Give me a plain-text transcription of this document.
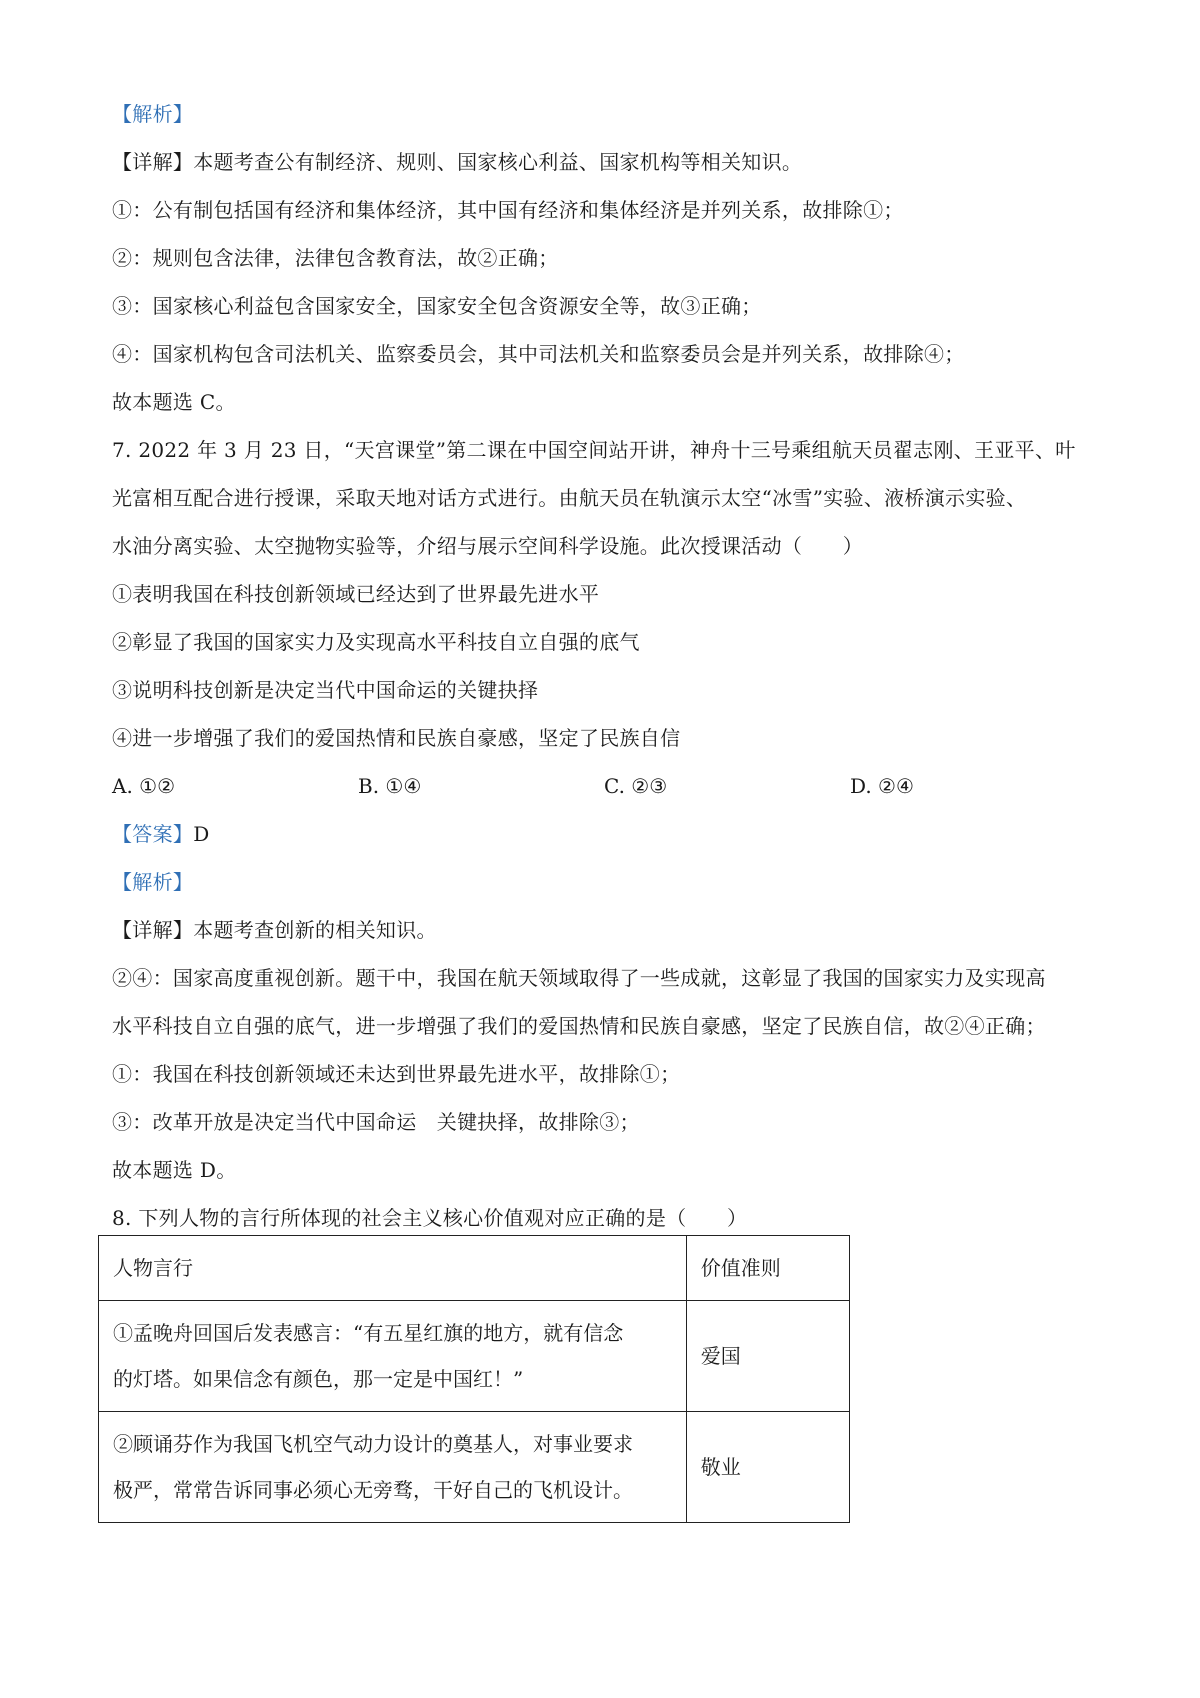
【解析】
【详解】本题考查公有制经济、规则、国家核心利益、国家机构等相关知识。
①：公有制包括国有经济和集体经济，其中国有经济和集体经济是并列关系，故排除①；
②：规则包含法律，法律包含教育法，故②正确；
③：国家核心利益包含国家安全，国家安全包含资源安全等，故③正确；
④：国家机构包含司法机关、监察委员会，其中司法机关和监察委员会是并列关系，故排除④；
故本题选 C。
7. 2022 年 3 月 23 日，“天宫课堂”第二课在中国空间站开讲，神舟十三号乘组航天员翟志刚、王亚平、叶
光富相互配合进行授课，采取天地对话方式进行。由航天员在轨演示太空“冰雪”实验、液桥演示实验、
水油分离实验、太空抛物实验等，介绍与展示空间科学设施。此次授课活动（　　）
①表明我国在科技创新领域已经达到了世界最先进水平
②彰显了我国的国家实力及实现高水平科技自立自强的底气
③说明科技创新是决定当代中国命运的关键抉择
④进一步增强了我们的爱国热情和民族自豪感，坚定了民族自信
A. ①②	B. ①④	C. ②③	D. ②④
【答案】D
【解析】
【详解】本题考查创新的相关知识。
②④：国家高度重视创新。题干中，我国在航天领域取得了一些成就，这彰显了我国的国家实力及实现高
水平科技自立自强的底气，进一步增强了我们的爱国热情和民族自豪感，坚定了民族自信，故②④正确；
①：我国在科技创新领域还未达到世界最先进水平，故排除①；
③：改革开放是决定当代中国命运　关键抉择，故排除③；
故本题选 D。
8. 下列人物的言行所体现的社会主义核心价值观对应正确的是（　　）
人物言行	价值准则

①孟晚舟回国后发表感言：“有五星红旗的地方，就有信念
的灯塔。如果信念有颜色，那一定是中国红！”	爱国

②顾诵芬作为我国飞机空气动力设计的奠基人，对事业要求
极严，常常告诉同事必须心无旁骛，干好自己的飞机设计。	敬业
